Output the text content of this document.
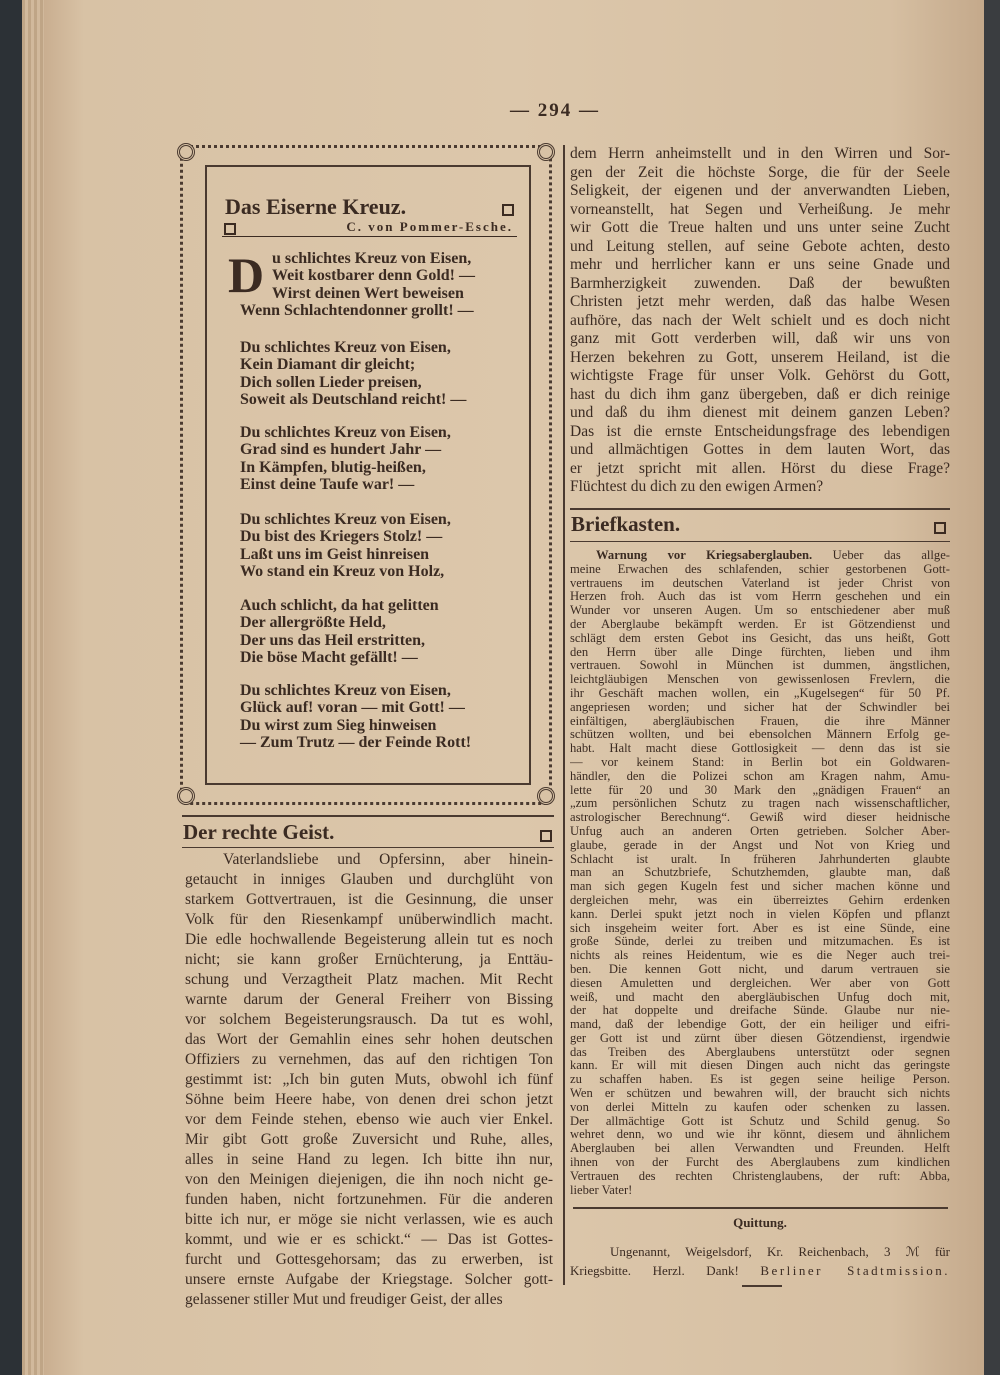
— 294 —
Das Eiserne Kreuz.
C. von Pommer-Esche.
D u schlichtes Kreuz von Eisen,
Weit kostbarer denn Gold! —
Wirst deinen Wert beweisen
Wenn Schlachtendonner grollt! —
Du schlichtes Kreuz von Eisen,
Kein Diamant dir gleicht;
Dich sollen Lieder preisen,
Soweit als Deutschland reicht! —
Du schlichtes Kreuz von Eisen,
Grad sind es hundert Jahr —
In Kämpfen, blutig-heißen,
Einst deine Taufe war! —
Du schlichtes Kreuz von Eisen,
Du bist des Kriegers Stolz! —
Laßt uns im Geist hinreisen
Wo stand ein Kreuz von Holz,
Auch schlicht, da hat gelitten
Der allergrößte Held,
Der uns das Heil erstritten,
Die böse Macht gefällt! —
Du schlichtes Kreuz von Eisen,
Glück auf! voran — mit Gott! —
Du wirst zum Sieg hinweisen
— Zum Trutz — der Feinde Rott!
Der rechte Geist.
Vaterlandsliebe und Opfersinn, aber hinein-
getaucht in inniges Glauben und durchglüht von
starkem Gottvertrauen, ist die Gesinnung, die unser
Volk für den Riesenkampf unüberwindlich macht.
Die edle hochwallende Begeisterung allein tut es noch
nicht; sie kann großer Ernüchterung, ja Enttäu-
schung und Verzagtheit Platz machen. Mit Recht
warnte darum der General Freiherr von Bissing
vor solchem Begeisterungsrausch. Da tut es wohl,
das Wort der Gemahlin eines sehr hohen deutschen
Offiziers zu vernehmen, das auf den richtigen Ton
gestimmt ist: „Ich bin guten Muts, obwohl ich fünf
Söhne beim Heere habe, von denen drei schon jetzt
vor dem Feinde stehen, ebenso wie auch vier Enkel.
Mir gibt Gott große Zuversicht und Ruhe, alles,
alles in seine Hand zu legen. Ich bitte ihn nur,
von den Meinigen diejenigen, die ihn noch nicht ge-
funden haben, nicht fortzunehmen. Für die anderen
bitte ich nur, er möge sie nicht verlassen, wie es auch
kommt, und wie er es schickt.“ — Das ist Gottes-
furcht und Gottesgehorsam; das zu erwerben, ist
unsere ernste Aufgabe der Kriegstage. Solcher gott-
gelassener stiller Mut und freudiger Geist, der alles
dem Herrn anheimstellt und in den Wirren und Sor-
gen der Zeit die höchste Sorge, die für der Seele
Seligkeit, der eigenen und der anverwandten Lieben,
vorneanstellt, hat Segen und Verheißung. Je mehr
wir Gott die Treue halten und uns unter seine Zucht
und Leitung stellen, auf seine Gebote achten, desto
mehr und herrlicher kann er uns seine Gnade und
Barmherzigkeit zuwenden. Daß der bewußten
Christen jetzt mehr werden, daß das halbe Wesen
aufhöre, das nach der Welt schielt und es doch nicht
ganz mit Gott verderben will, daß wir uns von
Herzen bekehren zu Gott, unserem Heiland, ist die
wichtigste Frage für unser Volk. Gehörst du Gott,
hast du dich ihm ganz übergeben, daß er dich reinige
und daß du ihm dienest mit deinem ganzen Leben?
Das ist die ernste Entscheidungsfrage des lebendigen
und allmächtigen Gottes in dem lauten Wort, das
er jetzt spricht mit allen. Hörst du diese Frage?
Flüchtest du dich zu den ewigen Armen?
Briefkasten.
Warnung vor Kriegsaberglauben. Ueber das allge-
meine Erwachen des schlafenden, schier gestorbenen Gott-
vertrauens im deutschen Vaterland ist jeder Christ von
Herzen froh. Auch das ist vom Herrn geschehen und ein
Wunder vor unseren Augen. Um so entschiedener aber muß
der Aberglaube bekämpft werden. Er ist Götzendienst und
schlägt dem ersten Gebot ins Gesicht, das uns heißt, Gott
den Herrn über alle Dinge fürchten, lieben und ihm
vertrauen. Sowohl in München ist dummen, ängstlichen,
leichtgläubigen Menschen von gewissenlosen Frevlern, die
ihr Geschäft machen wollen, ein „Kugelsegen“ für 50 Pf.
angepriesen worden; und sicher hat der Schwindler bei
einfältigen, abergläubischen Frauen, die ihre Männer
schützen wollten, und bei ebensolchen Männern Erfolg ge-
habt. Halt macht diese Gottlosigkeit — denn das ist sie
— vor keinem Stand: in Berlin bot ein Goldwaren-
händler, den die Polizei schon am Kragen nahm, Amu-
lette für 20 und 30 Mark den „gnädigen Frauen“ an
„zum persönlichen Schutz zu tragen nach wissenschaftlicher,
astrologischer Berechnung“. Gewiß wird dieser heidnische
Unfug auch an anderen Orten getrieben. Solcher Aber-
glaube, gerade in der Angst und Not von Krieg und
Schlacht ist uralt. In früheren Jahrhunderten glaubte
man an Schutzbriefe, Schutzhemden, glaubte man, daß
man sich gegen Kugeln fest und sicher machen könne und
dergleichen mehr, was ein überreiztes Gehirn erdenken
kann. Derlei spukt jetzt noch in vielen Köpfen und pflanzt
sich insgeheim weiter fort. Aber es ist eine Sünde, eine
große Sünde, derlei zu treiben und mitzumachen. Es ist
nichts als reines Heidentum, wie es die Neger auch trei-
ben. Die kennen Gott nicht, und darum vertrauen sie
diesen Amuletten und dergleichen. Wer aber von Gott
weiß, und macht den abergläubischen Unfug doch mit,
der hat doppelte und dreifache Sünde. Glaube nur nie-
mand, daß der lebendige Gott, der ein heiliger und eifri-
ger Gott ist und zürnt über diesen Götzendienst, irgendwie
das Treiben des Aberglaubens unterstützt oder segnen
kann. Er will mit diesen Dingen auch nicht das geringste
zu schaffen haben. Es ist gegen seine heilige Person.
Wen er schützen und bewahren will, der braucht sich nichts
von derlei Mitteln zu kaufen oder schenken zu lassen.
Der allmächtige Gott ist Schutz und Schild genug. So
wehret denn, wo und wie ihr könnt, diesem und ähnlichem
Aberglauben bei allen Verwandten und Freunden. Helft
ihnen von der Furcht des Aberglaubens zum kindlichen
Vertrauen des rechten Christenglaubens, der ruft: Abba,
lieber Vater!
Quittung.
Ungenannt, Weigelsdorf, Kr. Reichenbach, 3 ℳ für
Kriegsbitte. Herzl. Dank! Berliner Stadtmission.
